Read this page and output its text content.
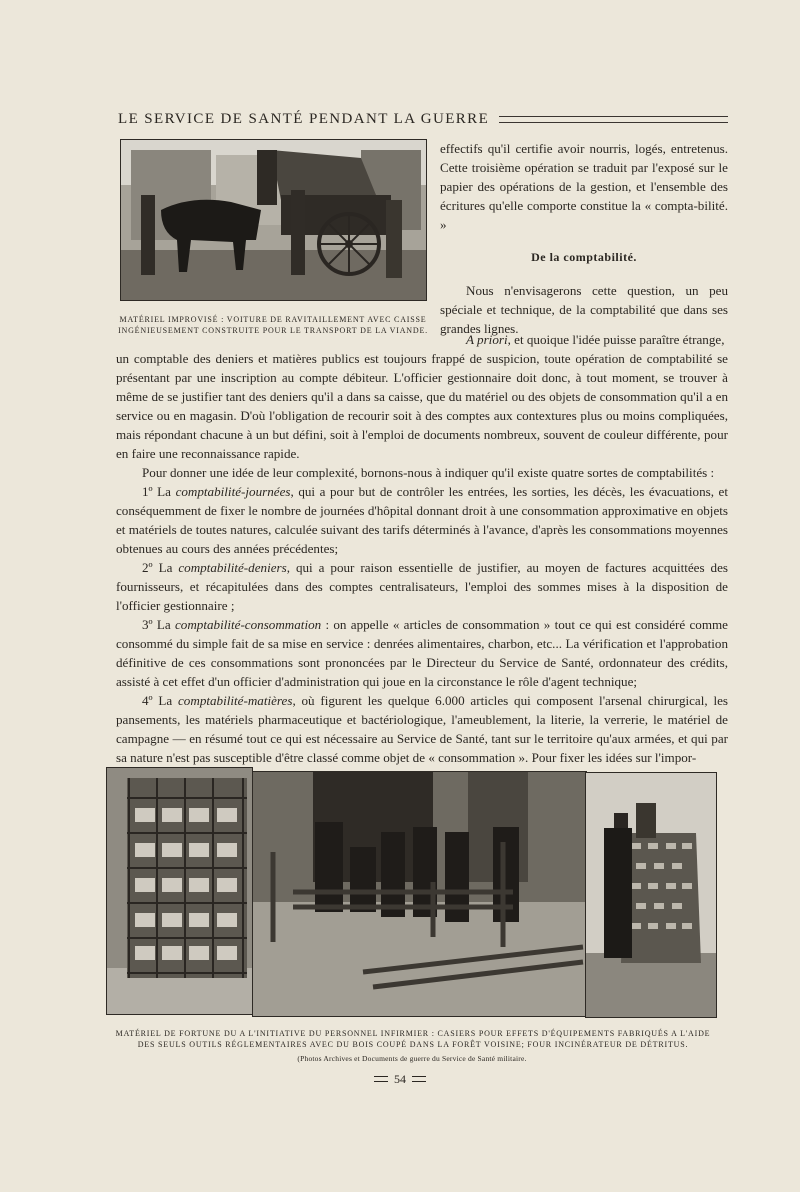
LE SERVICE DE SANTÉ PENDANT LA GUERRE
MATÉRIEL IMPROVISÉ : VOITURE DE RAVITAILLEMENT AVEC CAISSE INGÉNIEUSEMENT CONSTRUITE POUR LE TRANSPORT DE LA VIANDE.
effectifs qu'il certifie avoir nourris, logés, entretenus. Cette troisième opération se traduit par l'exposé sur le papier des opérations de la gestion, et l'ensemble des écritures qu'elle comporte constitue la « compta-bilité. »
De la comptabilité.
Nous n'envisagerons cette question, un peu spéciale et technique, de la comptabilité que dans ses grandes lignes.
A priori, et quoique l'idée puisse paraître étrange,

un comptable des deniers et matières publics est toujours frappé de suspicion, toute opération de comptabilité se présentant par une inscription au compte débiteur. L'officier gestionnaire doit donc, à tout moment, se trouver à même de se justifier tant des deniers qu'il a dans sa caisse, que du matériel ou des objets de consommation qu'il a en service ou en magasin. D'où l'obligation de recourir soit à des comptes aux contextures plus ou moins compliquées, mais répondant chacune à un but défini, soit à l'emploi de documents nombreux, souvent de couleur différente, pour en faire une reconnaissance rapide.

Pour donner une idée de leur complexité, bornons-nous à indiquer qu'il existe quatre sortes de comptabilités :

1º La comptabilité-journées, qui a pour but de contrôler les entrées, les sorties, les décès, les évacuations, et conséquemment de fixer le nombre de journées d'hôpital donnant droit à une consommation approximative en objets et matériels de toutes natures, calculée suivant des tarifs déterminés à l'avance, d'après les consommations moyennes obtenues au cours des années précédentes;

2º La comptabilité-deniers, qui a pour raison essentielle de justifier, au moyen de factures acquittées des fournisseurs, et récapitulées dans des comptes centralisateurs, l'emploi des sommes mises à la disposition de l'officier gestionnaire ;

3º La comptabilité-consommation : on appelle « articles de consommation » tout ce qui est considéré comme consommé du simple fait de sa mise en service : denrées alimentaires, charbon, etc... La vérification et l'approbation définitive de ces consommations sont prononcées par le Directeur du Service de Santé, ordonnateur des crédits, assisté à cet effet d'un officier d'administration qui joue en la circonstance le rôle d'agent technique;

4º La comptabilité-matières, où figurent les quelque 6.000 articles qui composent l'arsenal chirurgical, les pansements, les matériels pharmaceutique et bactériologique, l'ameublement, la literie, la verrerie, le matériel de campagne — en résumé tout ce qui est nécessaire au Service de Santé, tant sur le territoire qu'aux armées, et qui par sa nature n'est pas susceptible d'être classé comme objet de « consommation ». Pour fixer les idées sur l'impor-

MATÉRIEL DE FORTUNE DU A L'INITIATIVE DU PERSONNEL INFIRMIER : CASIERS POUR EFFETS D'ÉQUIPEMENTS FABRIQUÉS A L'AIDE DES SEULS OUTILS RÉGLEMENTAIRES AVEC DU BOIS COUPÉ DANS LA FORÊT VOISINE; FOUR INCINÉRATEUR DE DÉTRITUS.
(Photos Archives et Documents de guerre du Service de Santé militaire.
54
